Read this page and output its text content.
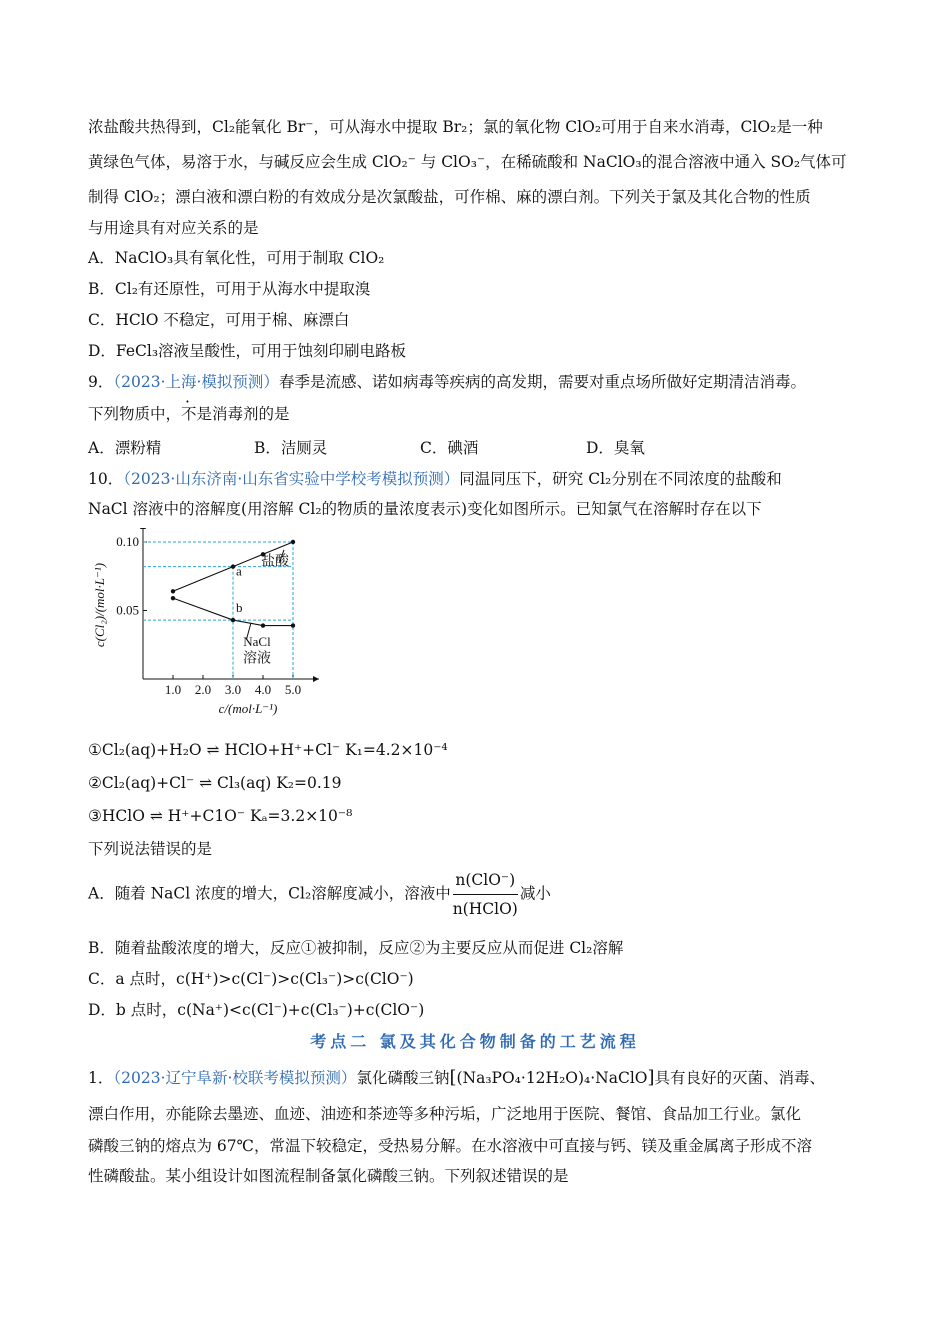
浓盐酸共热得到，Cl₂能氧化 Br⁻，可从海水中提取 Br₂；氯的氧化物 ClO₂可用于自来水消毒，ClO₂是一种
黄绿色气体，易溶于水，与碱反应会生成 ClO₂⁻ 与 ClO₃⁻，在稀硫酸和 NaClO₃的混合溶液中通入 SO₂气体可
制得 ClO₂；漂白液和漂白粉的有效成分是次氯酸盐，可作棉、麻的漂白剂。下列关于氯及其化合物的性质
与用途具有对应关系的是
A．NaClO₃具有氧化性，可用于制取 ClO₂
B．Cl₂有还原性，可用于从海水中提取溴
C．HClO 不稳定，可用于棉、麻漂白
D．FeCl₃溶液呈酸性，可用于蚀刻印刷电路板
9．（2023·上海·模拟预测）春季是流感、诺如病毒等疾病的高发期，需要对重点场所做好定期清洁消毒。
下列物质中，不是消毒剂的是
A．漂粉精	B．洁厕灵	C．碘酒	D．臭氧
10．（2023·山东济南·山东省实验中学校考模拟预测）同温同压下，研究 Cl₂分别在不同浓度的盐酸和
NaCl 溶液中的溶解度(用溶解 Cl₂的物质的量浓度表示)变化如图所示。已知氯气在溶解时存在以下
1.0 2.0 3.0 4.0 5.0
0.05
0.10
a
b
盐酸
NaCl
溶液
c/(mol·L⁻¹)
c(Cl₂)/(mol·L⁻¹)
①Cl₂(aq)+H₂O ⇌ HClO+H⁺+Cl⁻ K₁=4.2×10⁻⁴
②Cl₂(aq)+Cl⁻ ⇌ Cl₃(aq) K₂=0.19
③HClO ⇌ H⁺+C1O⁻ Kₐ=3.2×10⁻⁸
下列说法错误的是
A．随着 NaCl 浓度的增大，Cl₂溶解度减小，溶液中 $\frac{\text{n(ClO⁻)}}{\text{n(HClO)}}$ 减小
B．随着盐酸浓度的增大，反应①被抑制，反应②为主要反应从而促进 Cl₂溶解
C．a 点时，c(H⁺)>c(Cl⁻)>c(Cl₃⁻)>c(ClO⁻)
D．b 点时，c(Na⁺)<c(Cl⁻)+c(Cl₃⁻)+c(ClO⁻)
考点二 氯及其化合物制备的工艺流程
1．（2023·辽宁阜新·校联考模拟预测）氯化磷酸三钠[(Na₃PO₄·12H₂O)₄·NaClO]具有良好的灭菌、消毒、
漂白作用，亦能除去墨迹、血迹、油迹和茶迹等多种污垢，广泛地用于医院、餐馆、食品加工行业。氯化
磷酸三钠的熔点为 67℃，常温下较稳定，受热易分解。在水溶液中可直接与钙、镁及重金属离子形成不溶
性磷酸盐。某小组设计如图流程制备氯化磷酸三钠。下列叙述错误的是
